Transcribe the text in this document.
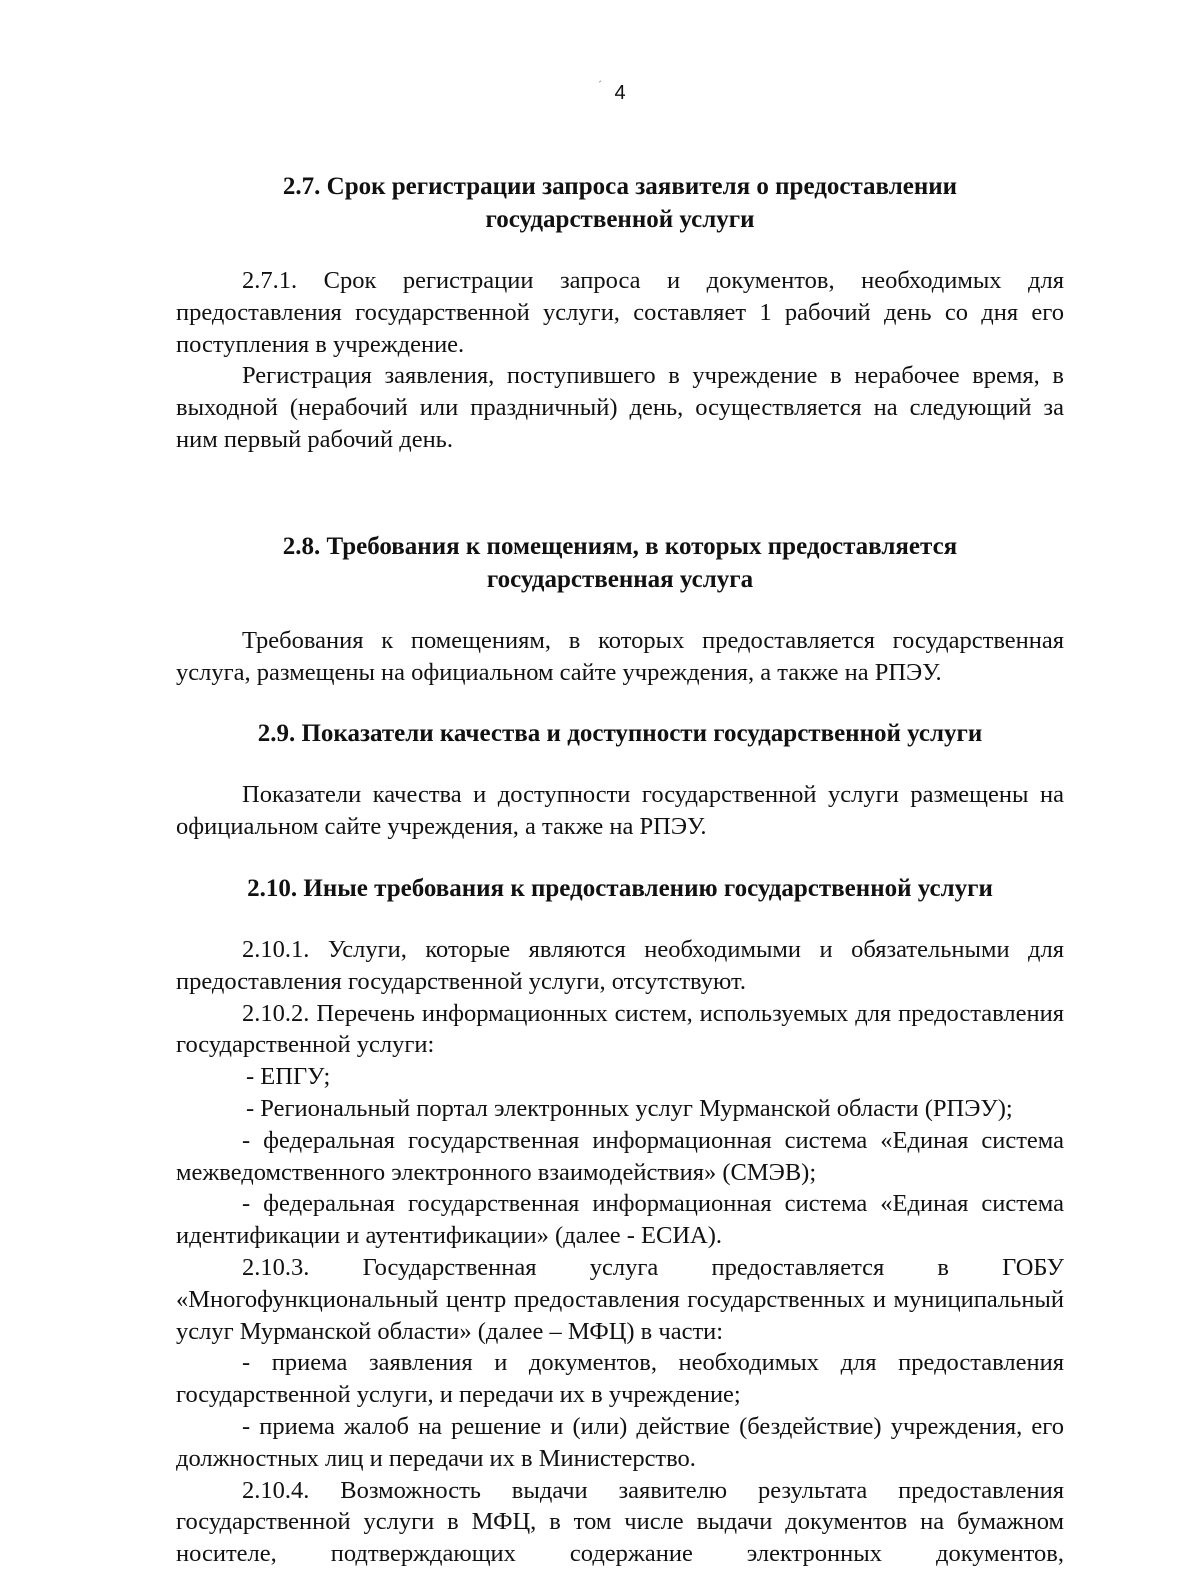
ˊ 4
2.7. Срок регистрации запроса заявителя о предоставлении
государственной услуги

2.7.1. Срок регистрации запроса и документов, необходимых для предоставления государственной услуги, составляет 1 рабочий день со дня его поступления в учреждение.

Регистрация заявления, поступившего в учреждение в нерабочее время, в выходной (нерабочий или праздничный) день, осуществляется на следующий за ним первый рабочий день.

2.8. Требования к помещениям, в которых предоставляется
государственная услуга

Требования к помещениям, в которых предоставляется государственная услуга, размещены на официальном сайте учреждения, а также на РПЭУ.

2.9. Показатели качества и доступности государственной услуги

Показатели качества и доступности государственной услуги размещены на официальном сайте учреждения, а также на РПЭУ.

2.10. Иные требования к предоставлению государственной услуги

2.10.1. Услуги, которые являются необходимыми и обязательными для предоставления государственной услуги, отсутствуют.

2.10.2. Перечень информационных систем, используемых для предоставления государственной услуги:

- ЕПГУ;

- Региональный портал электронных услуг Мурманской области (РПЭУ);

- федеральная государственная информационная система «Единая система межведомственного электронного взаимодействия» (СМЭВ);

- федеральная государственная информационная система «Единая система идентификации и аутентификации» (далее - ЕСИА).

2.10.3. Государственная услуга предоставляется в ГОБУ «Многофункциональный центр предоставления государственных и муниципальный услуг Мурманской области» (далее – МФЦ) в части:

- приема заявления и документов, необходимых для предоставления государственной услуги, и передачи их в учреждение;

- приема жалоб на решение и (или) действие (бездействие) учреждения, его должностных лиц и передачи их в Министерство.

2.10.4. Возможность выдачи заявителю результата предоставления государственной услуги в МФЦ, в том числе выдачи документов на бумажном носителе, подтверждающих содержание электронных документов,
